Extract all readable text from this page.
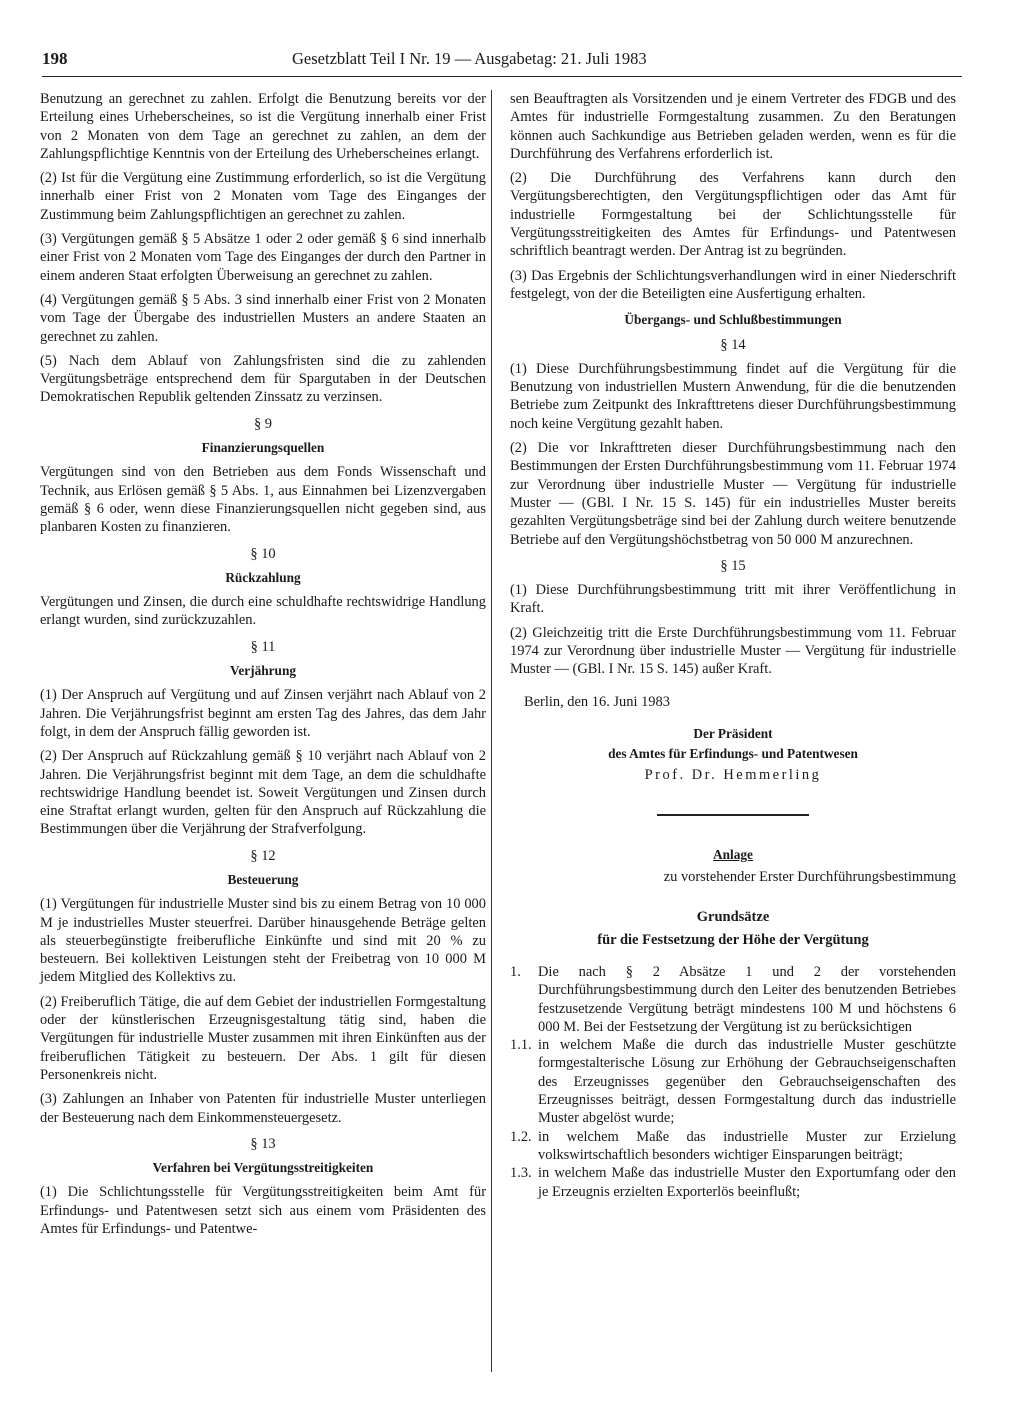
198	Gesetzblatt Teil I Nr. 19 — Ausgabetag: 21. Juli 1983

Benutzung an gerechnet zu zahlen. Erfolgt die Benutzung bereits vor der Erteilung eines Urheberscheines, so ist die Vergütung innerhalb einer Frist von 2 Monaten von dem Tage an gerechnet zu zahlen, an dem der Zahlungspflichtige Kenntnis von der Erteilung des Urheberscheines erlangt.

(2) Ist für die Vergütung eine Zustimmung erforderlich, so ist die Vergütung innerhalb einer Frist von 2 Monaten vom Tage des Einganges der Zustimmung beim Zahlungspflichtigen an gerechnet zu zahlen.

(3) Vergütungen gemäß § 5 Absätze 1 oder 2 oder gemäß § 6 sind innerhalb einer Frist von 2 Monaten vom Tage des Einganges der durch den Partner in einem anderen Staat erfolgten Überweisung an gerechnet zu zahlen.

(4) Vergütungen gemäß § 5 Abs. 3 sind innerhalb einer Frist von 2 Monaten vom Tage der Übergabe des industriellen Musters an andere Staaten an gerechnet zu zahlen.

(5) Nach dem Ablauf von Zahlungsfristen sind die zu zahlenden Vergütungsbeträge entsprechend dem für Spargutaben in der Deutschen Demokratischen Republik geltenden Zinssatz zu verzinsen.

§ 9
Finanzierungsquellen

Vergütungen sind von den Betrieben aus dem Fonds Wissenschaft und Technik, aus Erlösen gemäß § 5 Abs. 1, aus Einnahmen bei Lizenzvergaben gemäß § 6 oder, wenn diese Finanzierungsquellen nicht gegeben sind, aus planbaren Kosten zu finanzieren.

§ 10
Rückzahlung

Vergütungen und Zinsen, die durch eine schuldhafte rechtswidrige Handlung erlangt wurden, sind zurückzuzahlen.

§ 11
Verjährung

(1) Der Anspruch auf Vergütung und auf Zinsen verjährt nach Ablauf von 2 Jahren. Die Verjährungsfrist beginnt am ersten Tag des Jahres, das dem Jahr folgt, in dem der Anspruch fällig geworden ist.

(2) Der Anspruch auf Rückzahlung gemäß § 10 verjährt nach Ablauf von 2 Jahren. Die Verjährungsfrist beginnt mit dem Tage, an dem die schuldhafte rechtswidrige Handlung beendet ist. Soweit Vergütungen und Zinsen durch eine Straftat erlangt wurden, gelten für den Anspruch auf Rückzahlung die Bestimmungen über die Verjährung der Strafverfolgung.

§ 12
Besteuerung

(1) Vergütungen für industrielle Muster sind bis zu einem Betrag von 10 000 M je industrielles Muster steuerfrei. Darüber hinausgehende Beträge gelten als steuerbegünstigte freiberufliche Einkünfte und sind mit 20 % zu besteuern. Bei kollektiven Leistungen steht der Freibetrag von 10 000 M jedem Mitglied des Kollektivs zu.

(2) Freiberuflich Tätige, die auf dem Gebiet der industriellen Formgestaltung oder der künstlerischen Erzeugnisgestaltung tätig sind, haben die Vergütungen für industrielle Muster zusammen mit ihren Einkünften aus der freiberuflichen Tätigkeit zu besteuern. Der Abs. 1 gilt für diesen Personenkreis nicht.

(3) Zahlungen an Inhaber von Patenten für industrielle Muster unterliegen der Besteuerung nach dem Einkommensteuergesetz.

§ 13
Verfahren bei Vergütungsstreitigkeiten

(1) Die Schlichtungsstelle für Vergütungsstreitigkeiten beim Amt für Erfindungs- und Patentwesen setzt sich aus einem vom Präsidenten des Amtes für Erfindungs- und Patentwe-

sen Beauftragten als Vorsitzenden und je einem Vertreter des FDGB und des Amtes für industrielle Formgestaltung zusammen. Zu den Beratungen können auch Sachkundige aus Betrieben geladen werden, wenn es für die Durchführung des Verfahrens erforderlich ist.

(2) Die Durchführung des Verfahrens kann durch den Vergütungsberechtigten, den Vergütungspflichtigen oder das Amt für industrielle Formgestaltung bei der Schlichtungsstelle für Vergütungsstreitigkeiten des Amtes für Erfindungs- und Patentwesen schriftlich beantragt werden. Der Antrag ist zu begründen.

(3) Das Ergebnis der Schlichtungsverhandlungen wird in einer Niederschrift festgelegt, von der die Beteiligten eine Ausfertigung erhalten.

Übergangs- und Schlußbestimmungen
§ 14

(1) Diese Durchführungsbestimmung findet auf die Vergütung für die Benutzung von industriellen Mustern Anwendung, für die die benutzenden Betriebe zum Zeitpunkt des Inkrafttretens dieser Durchführungsbestimmung noch keine Vergütung gezahlt haben.

(2) Die vor Inkrafttreten dieser Durchführungsbestimmung nach den Bestimmungen der Ersten Durchführungsbestimmung vom 11. Februar 1974 zur Verordnung über industrielle Muster — Vergütung für industrielle Muster — (GBl. I Nr. 15 S. 145) für ein industrielles Muster bereits gezahlten Vergütungsbeträge sind bei der Zahlung durch weitere benutzende Betriebe auf den Vergütungshöchstbetrag von 50 000 M anzurechnen.

§ 15

(1) Diese Durchführungsbestimmung tritt mit ihrer Veröffentlichung in Kraft.

(2) Gleichzeitig tritt die Erste Durchführungsbestimmung vom 11. Februar 1974 zur Verordnung über industrielle Muster — Vergütung für industrielle Muster — (GBl. I Nr. 15 S. 145) außer Kraft.

Berlin, den 16. Juni 1983

Der Präsident
des Amtes für Erfindungs- und Patentwesen
Prof. Dr. Hemmerling
Anlage
zu vorstehender Erster Durchführungsbestimmung
Grundsätze
für die Festsetzung der Höhe der Vergütung
1.	Die nach § 2 Absätze 1 und 2 der vorstehenden Durchführungsbestimmung durch den Leiter des benutzenden Betriebes festzusetzende Vergütung beträgt mindestens 100 M und höchstens 6 000 M. Bei der Festsetzung der Vergütung ist zu berücksichtigen
1.1. in welchem Maße die durch das industrielle Muster geschützte formgestalterische Lösung zur Erhöhung der Gebrauchseigenschaften des Erzeugnisses gegenüber den Gebrauchseigenschaften des Erzeugnisses beiträgt, dessen Formgestaltung durch das industrielle Muster abgelöst wurde;
1.2. in welchem Maße das industrielle Muster zur Erzielung volkswirtschaftlich besonders wichtiger Einsparungen beiträgt;
1.3. in welchem Maße das industrielle Muster den Exportumfang oder den je Erzeugnis erzielten Exporterlös beeinflußt;
